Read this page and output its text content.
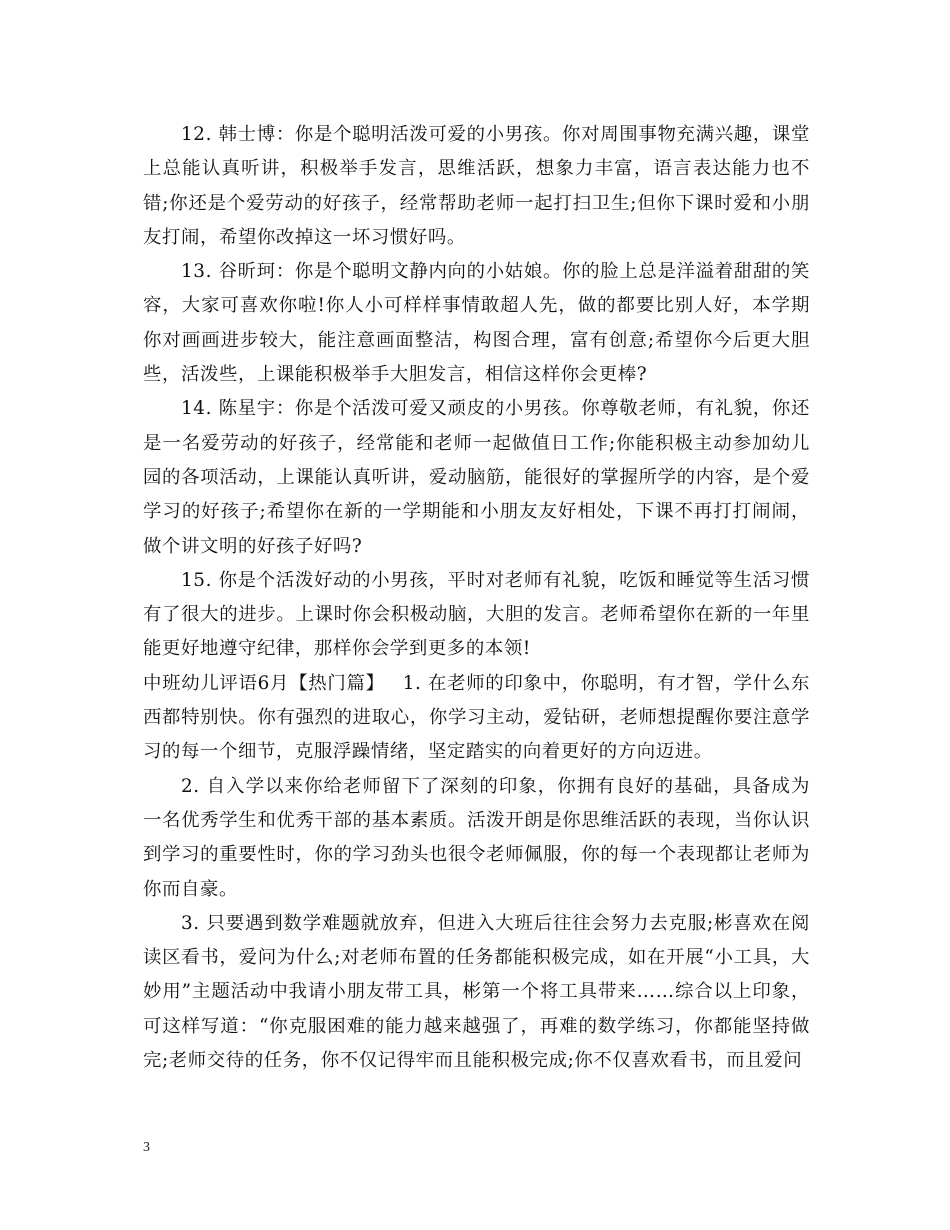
12. 韩士博：你是个聪明活泼可爱的小男孩。你对周围事物充满兴趣，课堂上总能认真听讲，积极举手发言，思维活跃，想象力丰富，语言表达能力也不错;你还是个爱劳动的好孩子，经常帮助老师一起打扫卫生;但你下课时爱和小朋友打闹，希望你改掉这一坏习惯好吗。

13. 谷昕珂：你是个聪明文静内向的小姑娘。你的脸上总是洋溢着甜甜的笑容，大家可喜欢你啦!你人小可样样事情敢超人先，做的都要比别人好，本学期你对画画进步较大，能注意画面整洁，构图合理，富有创意;希望你今后更大胆些，活泼些，上课能积极举手大胆发言，相信这样你会更棒?

14. 陈星宇：你是个活泼可爱又顽皮的小男孩。你尊敬老师，有礼貌，你还是一名爱劳动的好孩子，经常能和老师一起做值日工作;你能积极主动参加幼儿园的各项活动，上课能认真听讲，爱动脑筋，能很好的掌握所学的内容，是个爱学习的好孩子;希望你在新的一学期能和小朋友友好相处，下课不再打打闹闹，做个讲文明的好孩子好吗?

15. 你是个活泼好动的小男孩，平时对老师有礼貌，吃饭和睡觉等生活习惯有了很大的进步。上课时你会积极动脑，大胆的发言。老师希望你在新的一年里能更好地遵守纪律，那样你会学到更多的本领!

中班幼儿评语6月【热门篇】 1. 在老师的印象中，你聪明，有才智，学什么东西都特别快。你有强烈的进取心，你学习主动，爱钻研，老师想提醒你要注意学习的每一个细节，克服浮躁情绪，坚定踏实的向着更好的方向迈进。

2. 自入学以来你给老师留下了深刻的印象，你拥有良好的基础，具备成为一名优秀学生和优秀干部的基本素质。活泼开朗是你思维活跃的表现，当你认识到学习的重要性时，你的学习劲头也很令老师佩服，你的每一个表现都让老师为你而自豪。

3. 只要遇到数学难题就放弃，但进入大班后往往会努力去克服;彬喜欢在阅读区看书，爱问为什么;对老师布置的任务都能积极完成，如在开展“小工具，大妙用”主题活动中我请小朋友带工具，彬第一个将工具带来……综合以上印象，可这样写道：“你克服困难的能力越来越强了，再难的数学练习，你都能坚持做完;老师交待的任务，你不仅记得牢而且能积极完成;你不仅喜欢看书，而且爱问

3
